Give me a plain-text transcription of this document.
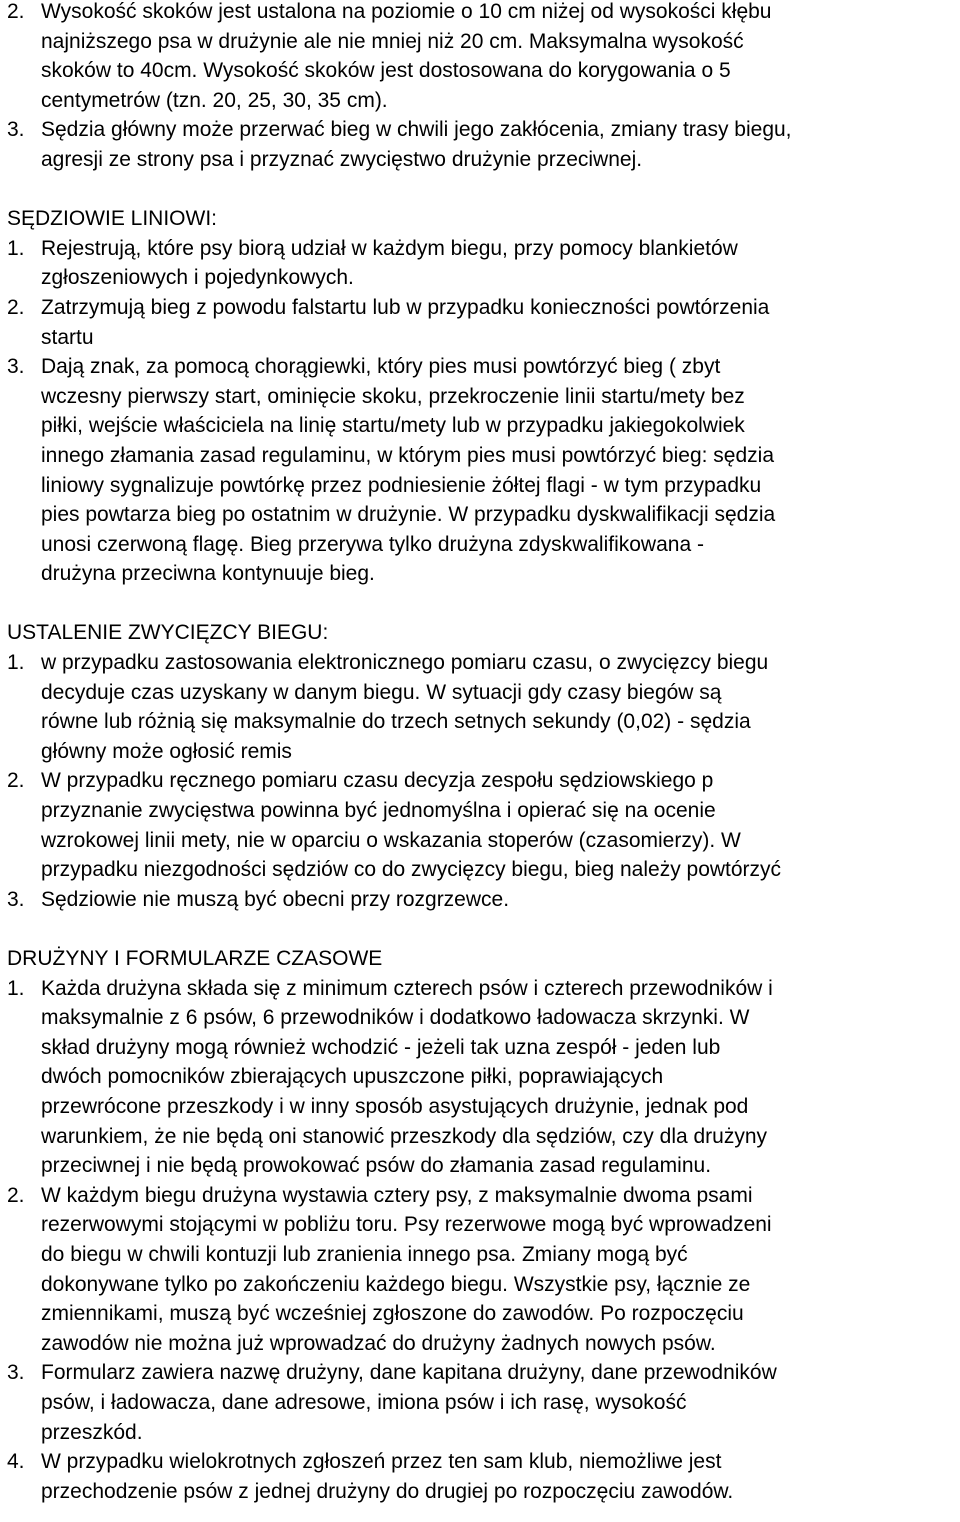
2. Wysokość skoków jest ustalona na poziomie o 10 cm niżej od wysokości kłębu
najniższego psa w drużynie ale nie mniej niż 20 cm. Maksymalna wysokość
skoków to 40cm. Wysokość skoków jest dostosowana do korygowania o 5
centymetrów (tzn. 20, 25, 30, 35 cm).
3. Sędzia główny może przerwać bieg w chwili jego zakłócenia, zmiany trasy biegu,
agresji ze strony psa i przyznać zwycięstwo drużynie przeciwnej.
SĘDZIOWIE LINIOWI:
1. Rejestrują, które psy biorą udział w każdym biegu, przy pomocy blankietów
zgłoszeniowych i pojedynkowych.
2. Zatrzymują bieg z powodu falstartu lub w przypadku konieczności powtórzenia
startu
3. Dają znak, za pomocą chorągiewki, który pies musi powtórzyć bieg ( zbyt
wczesny pierwszy start, ominięcie skoku, przekroczenie linii startu/mety bez
piłki, wejście właściciela na linię startu/mety lub w przypadku jakiegokolwiek
innego złamania zasad regulaminu, w którym pies musi powtórzyć bieg: sędzia
liniowy sygnalizuje powtórkę przez podniesienie żółtej flagi - w tym przypadku
pies powtarza bieg po ostatnim w drużynie. W przypadku dyskwalifikacji sędzia
unosi czerwoną flagę. Bieg przerywa tylko drużyna zdyskwalifikowana -
drużyna przeciwna kontynuuje bieg.
USTALENIE ZWYCIĘZCY BIEGU:
1. w przypadku zastosowania elektronicznego pomiaru czasu, o zwycięzcy biegu
decyduje czas uzyskany w danym biegu. W sytuacji gdy czasy biegów są
równe lub różnią się maksymalnie do trzech setnych sekundy (0,02) - sędzia
główny może ogłosić remis
2. W przypadku ręcznego pomiaru czasu decyzja zespołu sędziowskiego p
przyznanie zwycięstwa powinna być jednomyślna i opierać się na ocenie
wzrokowej linii mety, nie w oparciu o wskazania stoperów (czasomierzy). W
przypadku niezgodności sędziów co do zwycięzcy biegu, bieg należy powtórzyć
3. Sędziowie nie muszą być obecni przy rozgrzewce.
DRUŻYNY I FORMULARZE CZASOWE
1. Każda drużyna składa się z minimum czterech psów i czterech przewodników i
maksymalnie z 6 psów, 6 przewodników i dodatkowo ładowacza skrzynki. W
skład drużyny mogą również wchodzić - jeżeli tak uzna zespół - jeden lub
dwóch pomocników zbierających upuszczone piłki, poprawiających
przewrócone przeszkody i w inny sposób asystujących drużynie, jednak pod
warunkiem, że nie będą oni stanowić przeszkody dla sędziów, czy dla drużyny
przeciwnej i nie będą prowokować psów do złamania zasad regulaminu.
2. W każdym biegu drużyna wystawia cztery psy, z maksymalnie dwoma psami
rezerwowymi stojącymi w pobliżu toru. Psy rezerwowe mogą być wprowadzeni
do biegu w chwili kontuzji lub zranienia innego psa. Zmiany mogą być
dokonywane tylko po zakończeniu każdego biegu. Wszystkie psy, łącznie ze
zmiennikami, muszą być wcześniej zgłoszone do zawodów. Po rozpoczęciu
zawodów nie można już wprowadzać do drużyny żadnych nowych psów.
3. Formularz zawiera nazwę drużyny, dane kapitana drużyny, dane przewodników
psów, i ładowacza, dane adresowe, imiona psów i ich rasę, wysokość
przeszkód.
4. W przypadku wielokrotnych zgłoszeń przez ten sam klub, niemożliwe jest
przechodzenie psów z jednej drużyny do drugiej po rozpoczęciu zawodów.
